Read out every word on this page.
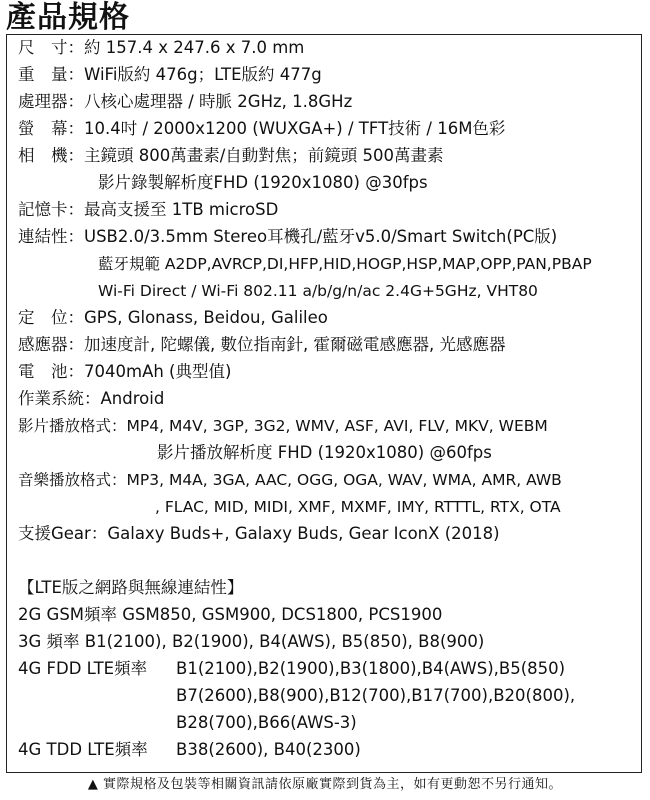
產品規格
尺　寸：約 157.4 x 247.6 x 7.0 mm
重　量：WiFi版約 476g；LTE版約 477g
處理器：八核心處理器 / 時脈 2GHz, 1.8GHz
螢　幕：10.4吋 / 2000x1200 (WUXGA+) / TFT技術 / 16M色彩
相　機：主鏡頭 800萬畫素/自動對焦；前鏡頭 500萬畫素
影片錄製解析度FHD (1920x1080) @30fps
記憶卡：最高支援至 1TB microSD
連結性：USB2.0/3.5mm Stereo耳機孔/藍牙v5.0/Smart Switch(PC版)
藍牙規範 A2DP,AVRCP,DI,HFP,HID,HOGP,HSP,MAP,OPP,PAN,PBAP
Wi-Fi Direct / Wi-Fi 802.11 a/b/g/n/ac 2.4G+5GHz, VHT80
定　位：GPS, Glonass, Beidou, Galileo
感應器：加速度計, 陀螺儀, 數位指南針, 霍爾磁電感應器, 光感應器
電　池：7040mAh (典型值)
作業系統：Android
影片播放格式：MP4, M4V, 3GP, 3G2, WMV, ASF, AVI, FLV, MKV, WEBM
影片播放解析度 FHD (1920x1080) @60fps
音樂播放格式：MP3, M4A, 3GA, AAC, OGG, OGA, WAV, WMA, AMR, AWB
, FLAC, MID, MIDI, XMF, MXMF, IMY, RTTTL, RTX, OTA
支援Gear：Galaxy Buds+, Galaxy Buds, Gear IconX (2018)
【LTE版之網路與無線連結性】
2G GSM頻率 GSM850, GSM900, DCS1800, PCS1900
3G 頻率 B1(2100), B2(1900), B4(AWS), B5(850), B8(900)
4G FDD LTE頻率 B1(2100),B2(1900),B3(1800),B4(AWS),B5(850)
B7(2600),B8(900),B12(700),B17(700),B20(800),
B28(700),B66(AWS-3)
4G TDD LTE頻率 B38(2600), B40(2300)
▲ 實際規格及包裝等相關資訊請依原廠實際到貨為主，如有更動恕不另行通知。
